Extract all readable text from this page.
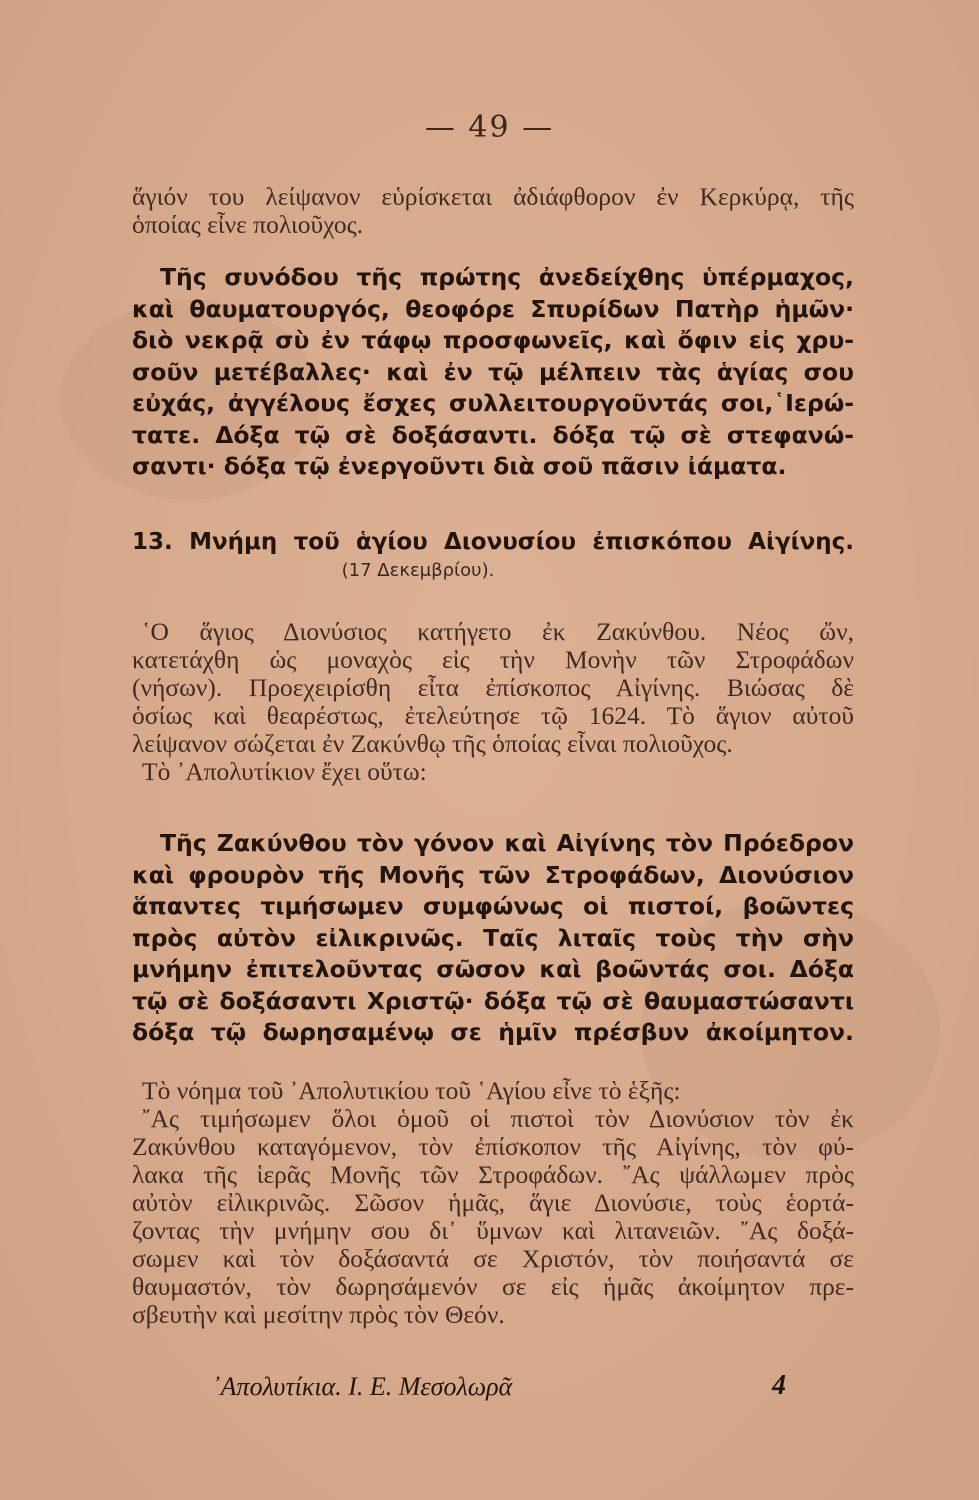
— 49 —
ἅγιόν του λείψανον εὑρίσκεται ἀδιάφθορον ἐν Κερκύρᾳ, τῆς
ὁποίας εἶνε πολιοῦχος.
Τῆς συνόδου τῆς πρώτης ἀνεδείχθης ὑπέρμαχος,
καὶ θαυματουργός, θεοφόρε Σπυρίδων Πατὴρ ἡμῶν·
διὸ νεκρᾷ σὺ ἐν τάφῳ προσφωνεῖς, καὶ ὄφιν εἰς χρυ-
σοῦν μετέβαλλες· καὶ ἐν τῷ μέλπειν τὰς ἁγίας σου
εὐχάς, ἀγγέλους ἔσχες συλλειτουργοῦντάς σοι,῾Ιερώ-
τατε. Δόξα τῷ σὲ δοξάσαντι. δόξα τῷ σὲ στεφανώ-
σαντι· δόξα τῷ ἐνεργοῦντι διὰ σοῦ πᾶσιν ἰάματα.
13. Μνήμη τοῦ ἁγίου Διονυσίου ἐπισκόπου Αἰγίνης.
(17 Δεκεμβρίου).
῾Ο ἅγιος Διονύσιος κατήγετο ἐκ Ζακύνθου. Νέος ὤν,
κατετάχθη ὡς μοναχὸς εἰς τὴν Μονὴν τῶν Στροφάδων
(νήσων). Προεχειρίσθη εἶτα ἐπίσκοπος Αἰγίνης. Βιώσας δὲ
ὁσίως καὶ θεαρέστως, ἐτελεύτησε τῷ 1624. Τὸ ἅγιον αὐτοῦ
λείψανον σώζεται ἐν Ζακύνθῳ τῆς ὁποίας εἶναι πολιοῦχος.
Τὸ ᾿Απολυτίκιον ἔχει οὕτω:
Τῆς Ζακύνθου τὸν γόνον καὶ Αἰγίνης τὸν Πρόεδρον
καὶ φρουρὸν τῆς Μονῆς τῶν Στροφάδων, Διονύσιον
ἅπαντες τιμήσωμεν συμφώνως οἱ πιστοί, βοῶντες
πρὸς αὐτὸν εἰλικρινῶς. Ταῖς λιταῖς τοὺς τὴν σὴν
μνήμην ἐπιτελοῦντας σῶσον καὶ βοῶντάς σοι. Δόξα
τῷ σὲ δοξάσαντι Χριστῷ· δόξα τῷ σὲ θαυμαστώσαντι
δόξα τῷ δωρησαμένῳ σε ἡμῖν πρέσβυν ἀκοίμητον.
Τὸ νόημα τοῦ ᾿Απολυτικίου τοῦ ῾Αγίου εἶνε τὸ ἑξῆς:
῎Ας τιμήσωμεν ὅλοι ὁμοῦ οἱ πιστοὶ τὸν Διονύσιον τὸν ἐκ
Ζακύνθου καταγόμενον, τὸν ἐπίσκοπον τῆς Αἰγίνης, τὸν φύ-
λακα τῆς ἱερᾶς Μονῆς τῶν Στροφάδων. ῎Ας ψάλλωμεν πρὸς
αὐτὸν εἰλικρινῶς. Σῶσον ἡμᾶς, ἅγιε Διονύσιε, τοὺς ἑορτά-
ζοντας τὴν μνήμην σου δι᾿ ὕμνων καὶ λιτανειῶν. ῎Ας δοξά-
σωμεν καὶ τὸν δοξάσαντά σε Χριστόν, τὸν ποιήσαντά σε
θαυμαστόν, τὸν δωρησάμενόν σε εἰς ἡμᾶς ἀκοίμητον πρε-
σβευτὴν καὶ μεσίτην πρὸς τὸν Θεόν.
᾿Απολυτίκια. Ι. Ε. Μεσολωρᾶ	4
